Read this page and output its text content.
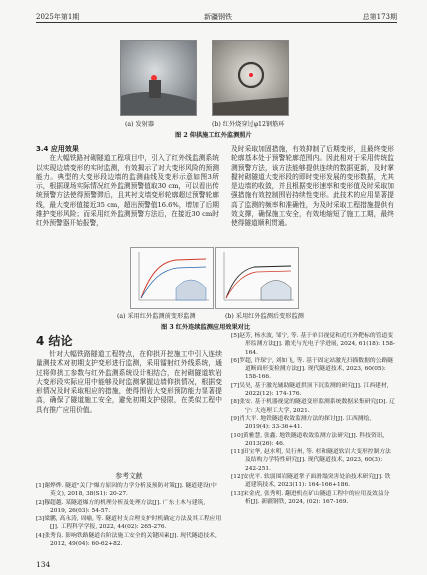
2025年第1期	新疆钢铁	总第173期
(a) 发射器	(b) 红外烧穿过φ12钢筋环
图 2 仰拱施工红外监测照片

3.4 应用效果

在大幅铁路衬砌隧道工程项目中，引入了红外线监测系统以实现边墙变形的实时监测，有效揭示了对大变形风险的预测能力。典型的大变形段边墙的监测曲线及变形示意如图3所示，根据现场实际情况红外监测预警值取30 cm，可以看出传统预警方法使得预警滞后，且其衬支墙变形轮廓超过预警轮廓线，最大变形值接近35 cm，超出预警值16.6%，增加了后期维护变形风险；而采用红外监测预警方法后，在接近30 cm时红外预警器开始报警，

及时采取加固措施，有效抑制了后期变形，且最终变形轮廓基本处于预警轮廓范围内。因此相对于采用传统监测预警方法，该方法能够提供连续的数据更新，及时掌握衬砌隧道大变形段的即时变形发展的变形数据，尤其是边墙的收敛，并且根据变形速率和变形值及时采取加强措施有效控制围岩持续性变形。此技术的应用显著提高了监测的频率和准确性，为及时采取工程措施提供有效支撑，确保施工安全，有效地缩短了施工工期，最终使得隧道顺利贯通。

(a) 采用红外监测前变形监测	(b) 采用红外监测后变形监测
图 3 红外连续监测应用效果对比
4 结论

针对大幅铁路隧道工程特点，在仰拱开挖施工中引入连续量测技术对初期支护变形进行监测，采用镭射红外线系统，通过将仰拱工参数与红外监测系统设计相结合，在衬砌隧道软岩大变形段实际应用中能够及时监测掌握边墙仰拱情况，根据变形情况及时采取相应的措施，使得围岩大变形预防能力显著提高，确保了隧道施工安全，避免初期支护侵限，在类似工程中具有推广应用价值。

参考文献
[1]谢烨烨. 隧道"关门"爆方原因的力学分析及预防对策[J]. 隧道建设(中英文), 2018, 38(S1): 20-27.
[2]穆超越. 某隧道爆方的机理分析及处理方法[J]. 广东土木与建筑, 2019, 26(03): 54-57.
[3]梁鹏, 高永涛, 周喻, 等. 隧道衬支合理支护时机确定方法及其工程应用[J]. 工程科学学报, 2022, 44(02): 265-276.
[4]张秀良. 影响铁路隧道台阶法施工安全的关键因素[J]. 现代隧道技术, 2012, 49(04): 60-62+82.
[5]赵芳, 杨水波, 邹宁, 等. 基于单目视觉和近红外靶标的管道变形监测方法[J]. 激光与光电子学进展, 2024, 61(18): 158-164.
[6]罗超, 许琛宁, 刘如飞, 等. 基于固定站激光扫描数据的公路隧道断面形变检测方法[J]. 现代隧道技术, 2023, 60(05): 158-166.
[7]吴昊, 基于激光辅助隧道拱顶下沉监测的研究[J]. 江西建材, 2022(12): 174-176.
[8]张安. 基于机器视觉的隧道变形监测系统数据采集研究[D]. 辽宁: 大连理工大学, 2021.
[9]肖大平. 地铁隧道收敛监测方法的探讨[J]. 江西测绘, 2019(4): 33-36+41.
[10]黄雅慧, 张鑫. 地铁隧道收敛监测方法研究[J]. 科技资讯, 2013(26): 46.
[11]田宝华, 赵水明, 吴行州, 等. 杉和隧道软岩大变形控制方法及结构力学特性研究[J]. 现代隧道技术, 2023, 60(3): 242-251.
[12]安虎平. 软弱围岩隧道掌子面滑塌突害处治技术研究[J]. 铁道建筑技术, 2023(11): 164-166+186.
[13]宋金虎, 张秀明. 翻进机在矿山隧道工程中的应用及效益分析[J]. 新疆钢铁, 2024, (02): 167-169.
134
